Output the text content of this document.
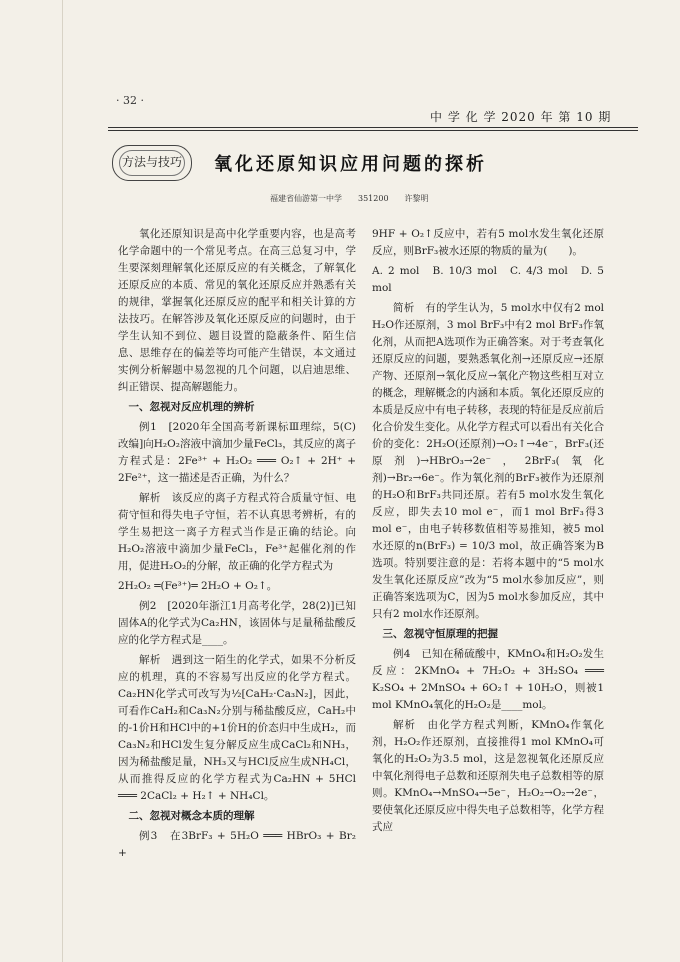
· 32 ·
中 学 化 学 2020 年 第 10 期
方法与技巧	氧化还原知识应用问题的探析
福建省仙游第一中学　　351200　　许黎明

氧化还原知识是高中化学重要内容，也是高考化学命题中的一个常见考点。在高三总复习中，学生要深刻理解氧化还原反应的有关概念，了解氧化还原反应的本质、常见的氧化还原反应并熟悉有关的规律，掌握氧化还原反应的配平和相关计算的方法技巧。在解答涉及氧化还原反应的问题时，由于学生认知不到位、题目设置的隐蔽条件、陌生信息、思维存在的偏差等均可能产生错误，本文通过实例分析解题中易忽视的几个问题，以启迪思维、纠正错误、提高解题能力。

一、忽视对反应机理的辨析

例1　[2020年全国高考新课标Ⅲ理综，5(C)改编]向H₂O₂溶液中滴加少量FeCl₃，其反应的离子方程式是：2Fe³⁺ + H₂O₂ ═══ O₂↑ + 2H⁺ + 2Fe²⁺，这一描述是否正确，为什么？

解析　该反应的离子方程式符合质量守恒、电荷守恒和得失电子守恒，若不认真思考辨析，有的学生易把这一离子方程式当作是正确的结论。向H₂O₂溶液中滴加少量FeCl₃，Fe³⁺起催化剂的作用，促进H₂O₂的分解，故正确的化学方程式为

2H₂O₂ ═(Fe³⁺)═ 2H₂O + O₂↑。

例2　[2020年浙江1月高考化学，28(2)]已知固体A的化学式为Ca₂HN，该固体与足量稀盐酸反应的化学方程式是____。

解析　遇到这一陌生的化学式，如果不分析反应的机理，真的不容易写出反应的化学方程式。Ca₂HN化学式可改写为½[CaH₂·Ca₃N₂]，因此，可看作CaH₂和Ca₃N₂分别与稀盐酸反应，CaH₂中的-1价H和HCl中的+1价H的价态归中生成H₂，而Ca₃N₂和HCl发生复分解反应生成CaCl₂和NH₃，因为稀盐酸足量，NH₃又与HCl反应生成NH₄Cl，从而推得反应的化学方程式为Ca₂HN + 5HCl ═══ 2CaCl₂ + H₂↑ + NH₄Cl。

二、忽视对概念本质的理解

例3　在3BrF₃ + 5H₂O ═══ HBrO₃ + Br₂ +

9HF + O₂↑反应中，若有5 mol水发生氧化还原反应，则BrF₃被水还原的物质的量为(　　)。

A. 2 mol B. 10/3 mol C. 4/3 mol D. 5 mol

简析　有的学生认为，5 mol水中仅有2 mol H₂O作还原剂，3 mol BrF₃中有2 mol BrF₃作氧化剂，从而把A选项作为正确答案。对于考查氧化还原反应的问题，要熟悉氧化剂→还原反应→还原产物、还原剂→氧化反应→氧化产物这些相互对立的概念，理解概念的内涵和本质。氧化还原反应的本质是反应中有电子转移，表现的特征是反应前后化合价发生变化。从化学方程式可以看出有关化合价的变化：2H₂O(还原剂)→O₂↑→4e⁻，BrF₃(还原剂)→HBrO₃→2e⁻，2BrF₃(氧化剂)→Br₂→6e⁻。作为氧化剂的BrF₃被作为还原剂的H₂O和BrF₃共同还原。若有5 mol水发生氧化反应，即失去10 mol e⁻，而1 mol BrF₃得3 mol e⁻，由电子转移数值相等易推知，被5 mol水还原的n(BrF₃) = 10/3 mol，故正确答案为B选项。特别要注意的是：若将本题中的“5 mol水发生氧化还原反应”改为“5 mol水参加反应”，则正确答案选项为C，因为5 mol水参加反应，其中只有2 mol水作还原剂。

三、忽视守恒原理的把握

例4　已知在稀硫酸中，KMnO₄和H₂O₂发生反应：2KMnO₄ + 7H₂O₂ + 3H₂SO₄ ═══ K₂SO₄ + 2MnSO₄ + 6O₂↑ + 10H₂O，则被1 mol KMnO₄氧化的H₂O₂是____mol。

解析　由化学方程式判断，KMnO₄作氧化剂，H₂O₂作还原剂，直接推得1 mol KMnO₄可氧化的H₂O₂为3.5 mol，这是忽视氧化还原反应中氧化剂得电子总数和还原剂失电子总数相等的原则。KMnO₄→MnSO₄→5e⁻，H₂O₂→O₂→2e⁻，要使氧化还原反应中得失电子总数相等，化学方程式应
